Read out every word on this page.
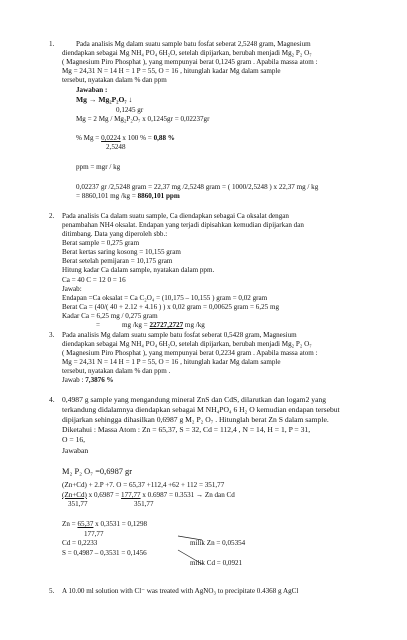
1.	Pada analisis Mg dalam suatu sample batu fosfat seberat 2,5248 gram, Magnesium
diendapkan sebagai Mg NH₄ PO₄ 6H₂O, setelah dipijarkan, berubah menjadi Mg₂ P₂ O₇
( Magnesium Piro Phosphat ), yang mempunyai berat 0,1245 gram . Apabila massa atom :
Mg = 24,31 N = 14 H = 1 P = 55, O = 16 , hitunglah kadar Mg dalam sample
tersebut, nyatakan dalam % dan ppm
Jawaban :
Mg → Mg₂P₂O₇ ↓
0,1245 gr
Mg = 2 Mg / Mg₂P₂O₇ x 0,1245gr = 0,02237gr
% Mg = 0,0224 x 100 % = 0,88 %
2,5248
ppm = mgr / kg
0,02237 gr /2,5248 gram = 22,37 mg /2,5248 gram = ( 1000/2,5248 ) x 22,37 mg / kg
= 8860,101 mg /kg = 8860,101 ppm
2. Pada analisis Ca dalam suatu sample, Ca diendapkan sebagai Ca oksalat dengan
penambahan NH4 oksalat. Endapan yang terjadi dipisahkan kemudian dipijarkan dan
ditimbang. Data yang diperoleh sbb.:
Berat sample = 0,275 gram
Berat kertas saring kosong = 10,155 gram
Berat setelah pemijaran = 10,175 gram
Hitung kadar Ca dalam sample, nyatakan dalam ppm.
Ca = 40 C = 12 0 = 16
Jawab:
Endapan =Ca oksalat = Ca C₂O₄ = (10,175 – 10,155 ) gram = 0,02 gram
Berat Ca = (40/( 40 + 2.12 + 4.16 ) ) x 0,02 gram = 0,00625 gram = 6,25 mg
Kadar Ca = 6,25 mg / 0,275 gram
=	mg /kg = 22727,2727 mg /kg
3. Pada analisis Mg dalam suatu sample batu fosfat seberat 0,5428 gram, Magnesium
diendapkan sebagai Mg NH₄ PO₄ 6H₂O, setelah dipijarkan, berubah menjadi Mg₂ P₂ O₇
( Magnesium Piro Phosphat ), yang mempunyai berat 0,2234 gram . Apabila massa atom :
Mg = 24,31 N = 14 H = 1 P = 55, O = 16 , hitunglah kadar Mg dalam sample
tersebut, nyatakan dalam % dan ppm .
Jawab : 7,3876 %
4. 0,4987 g sample yang mengandung mineral ZnS dan CdS, dilarutkan dan logam2 yang
terkandung didalamnya diendapkan sebagai M NH₄PO₄ 6 H₂ O kemudian endapan tersebut
dipijarkan sehingga dihasilkan 0,6987 g M₂ P₂ O₇ . Hitunglah berat Zn S dalam sample.
Diketahui : Massa Atom : Zn = 65,37, S = 32, Cd = 112,4 , N = 14, H = 1, P = 31,
O = 16,
Jawaban
M₂ P₂ O₇ =0,6987 gr
(Zn+Cd) + 2.P +7. O = 65,37 +112,4 +62 + 112 = 351,77
(Zn+Cd) x 0,6987 = 177,77 x 0.6987 = 0.3531 → Zn dan Cd
351,77	351,77
Zn = 65,37 x 0,3531 = 0,1298
177,77
Cd = 0,2233
S = 0,4987 – 0,3531 = 0,1456
milik Zn = 0,05354
milik Cd = 0,0921
5. A 10.00 ml solution with Cl⁻ was treated with AgNO₃ to precipitate 0.4368 g AgCl
